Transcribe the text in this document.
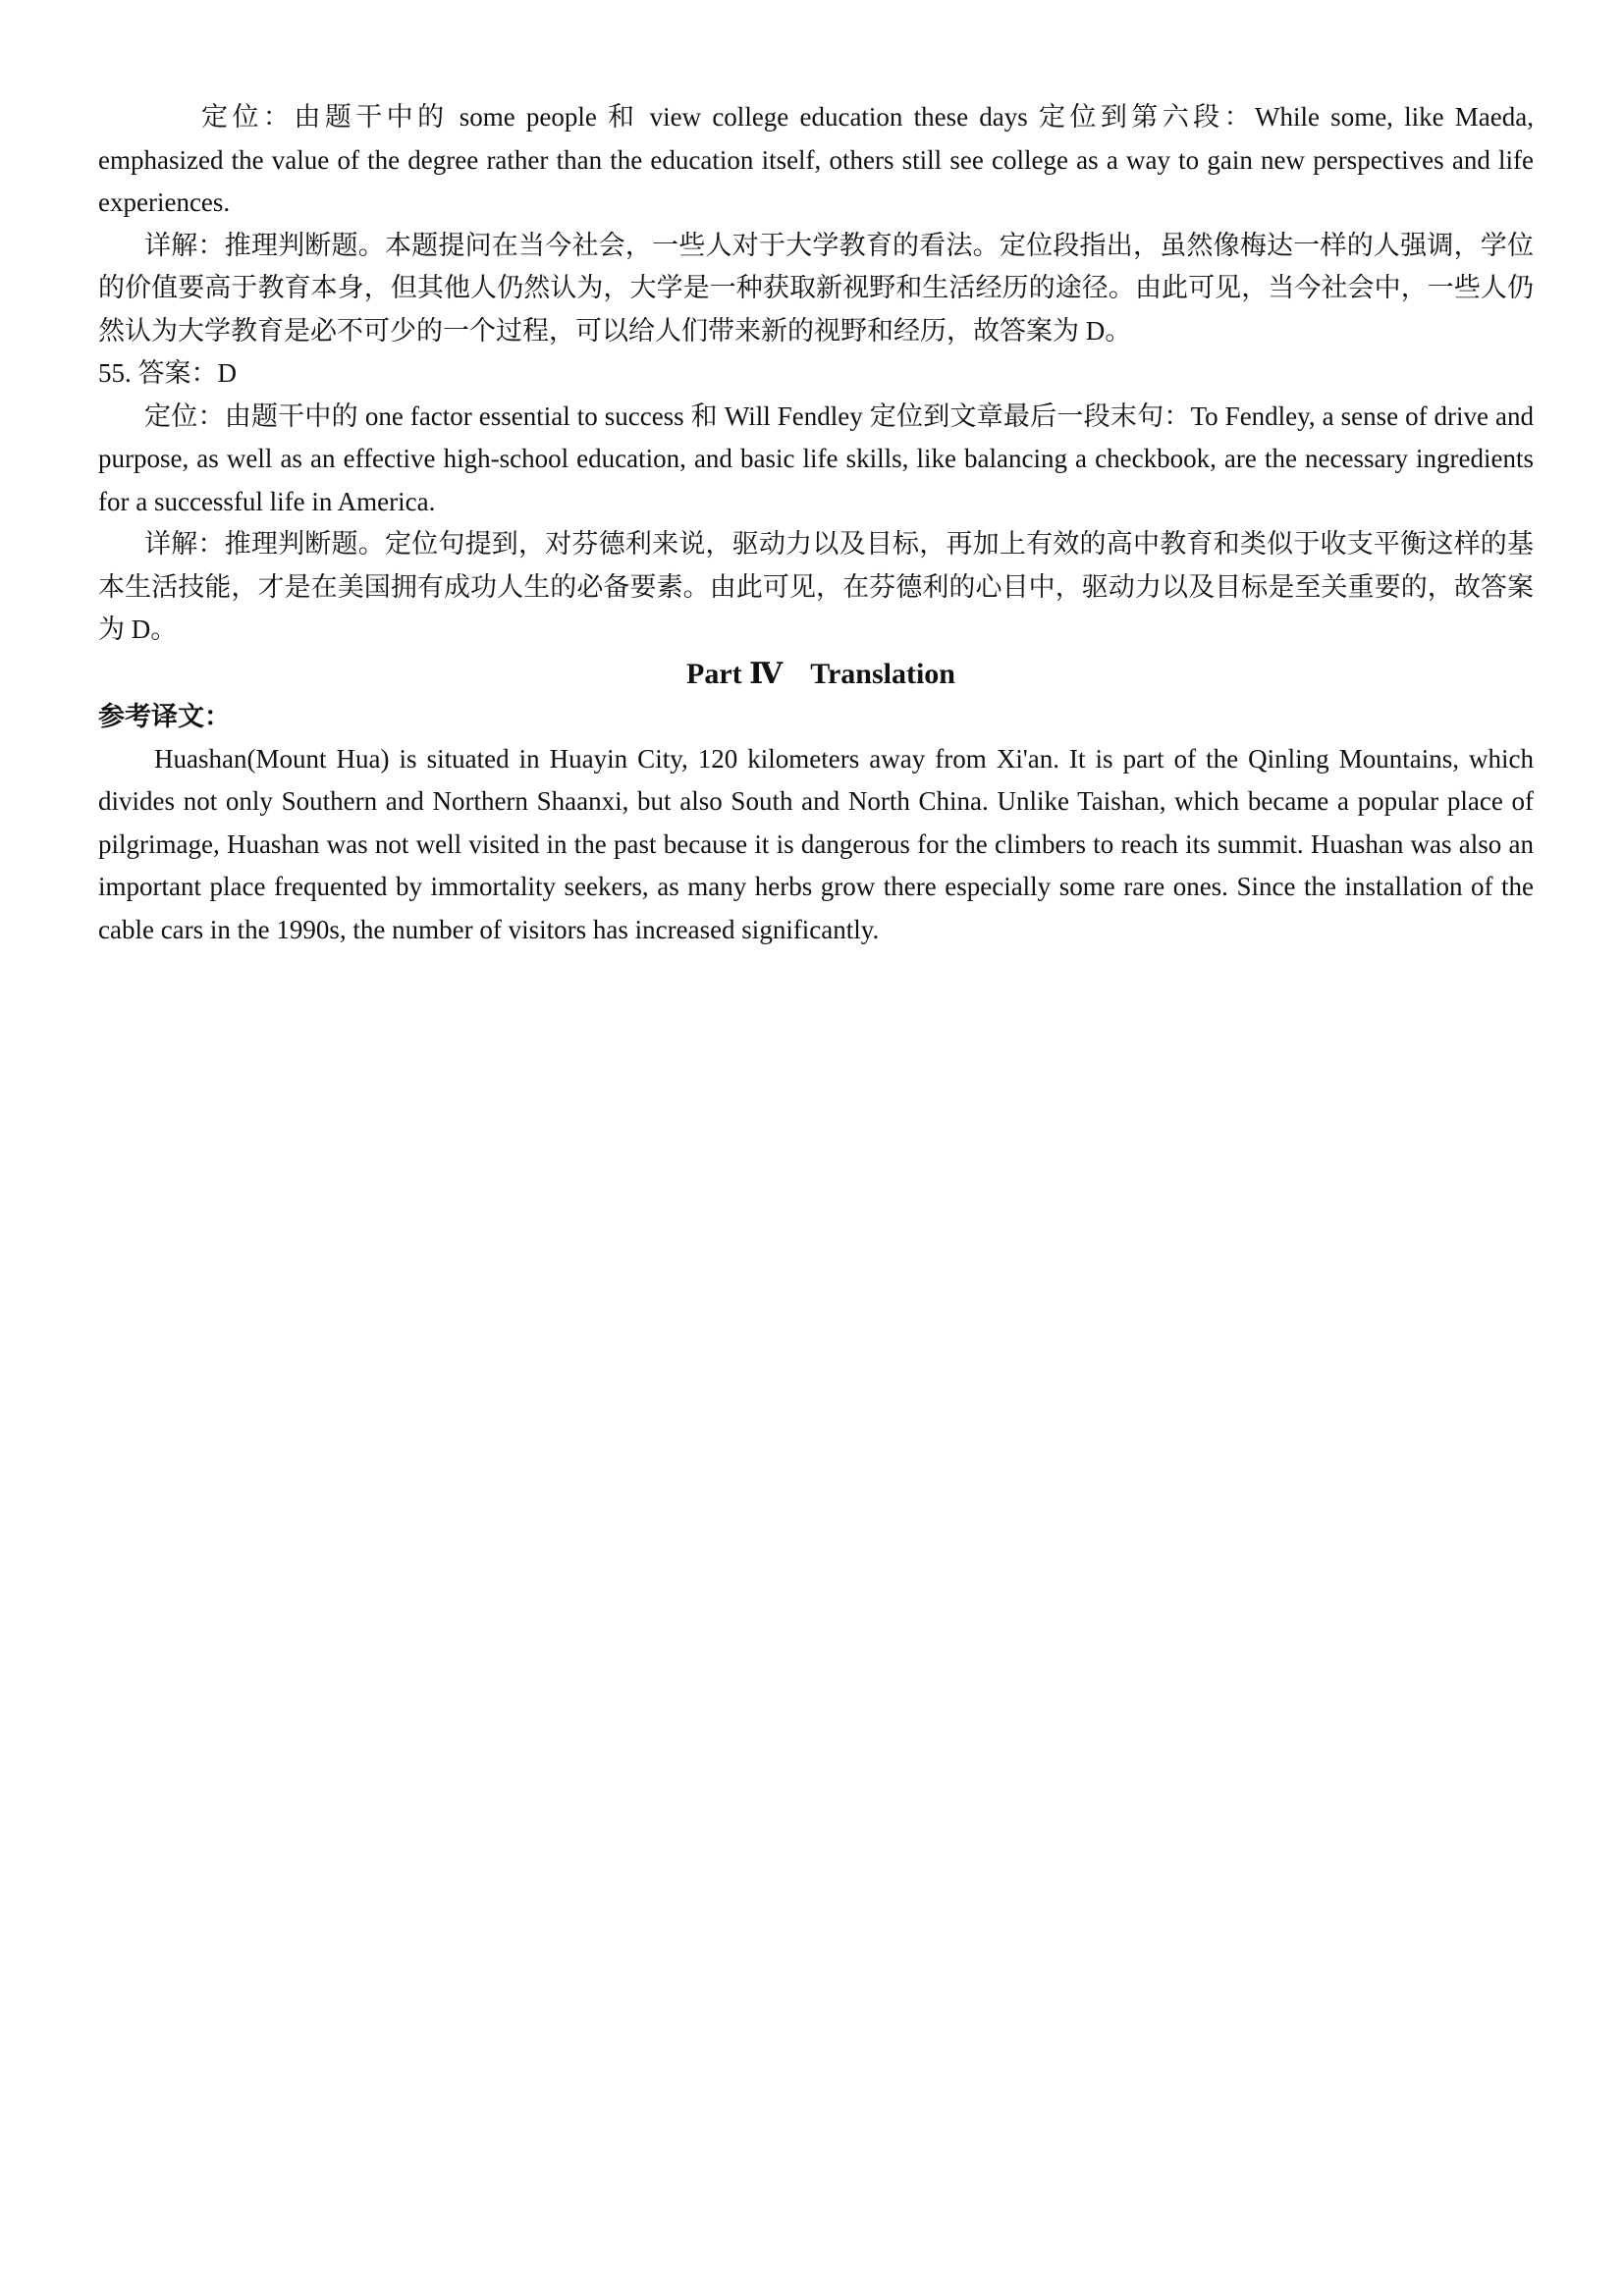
定位：由题干中的 some people 和 view college education these days 定位到第六段：While some, like Maeda, emphasized the value of the degree rather than the education itself, others still see college as a way to gain new perspectives and life experiences.

详解：推理判断题。本题提问在当今社会，一些人对于大学教育的看法。定位段指出，虽然像梅达一样的人强调，学位的价值要高于教育本身，但其他人仍然认为，大学是一种获取新视野和生活经历的途径。由此可见，当今社会中，一些人仍然认为大学教育是必不可少的一个过程，可以给人们带来新的视野和经历，故答案为 D。

55. 答案：D

定位：由题干中的 one factor essential to success 和 Will Fendley 定位到文章最后一段末句：To Fendley, a sense of drive and purpose, as well as an effective high-school education, and basic life skills, like balancing a checkbook, are the necessary ingredients for a successful life in America.

详解：推理判断题。定位句提到，对芬德利来说，驱动力以及目标，再加上有效的高中教育和类似于收支平衡这样的基本生活技能，才是在美国拥有成功人生的必备要素。由此可见，在芬德利的心目中，驱动力以及目标是至关重要的，故答案为 D。

Part Ⅳ Translation
参考译文：

Huashan(Mount Hua) is situated in Huayin City, 120 kilometers away from Xi'an. It is part of the Qinling Mountains, which divides not only Southern and Northern Shaanxi, but also South and North China. Unlike Taishan, which became a popular place of pilgrimage, Huashan was not well visited in the past because it is dangerous for the climbers to reach its summit. Huashan was also an important place frequented by immortality seekers, as many herbs grow there especially some rare ones. Since the installation of the cable cars in the 1990s, the number of visitors has increased significantly.
